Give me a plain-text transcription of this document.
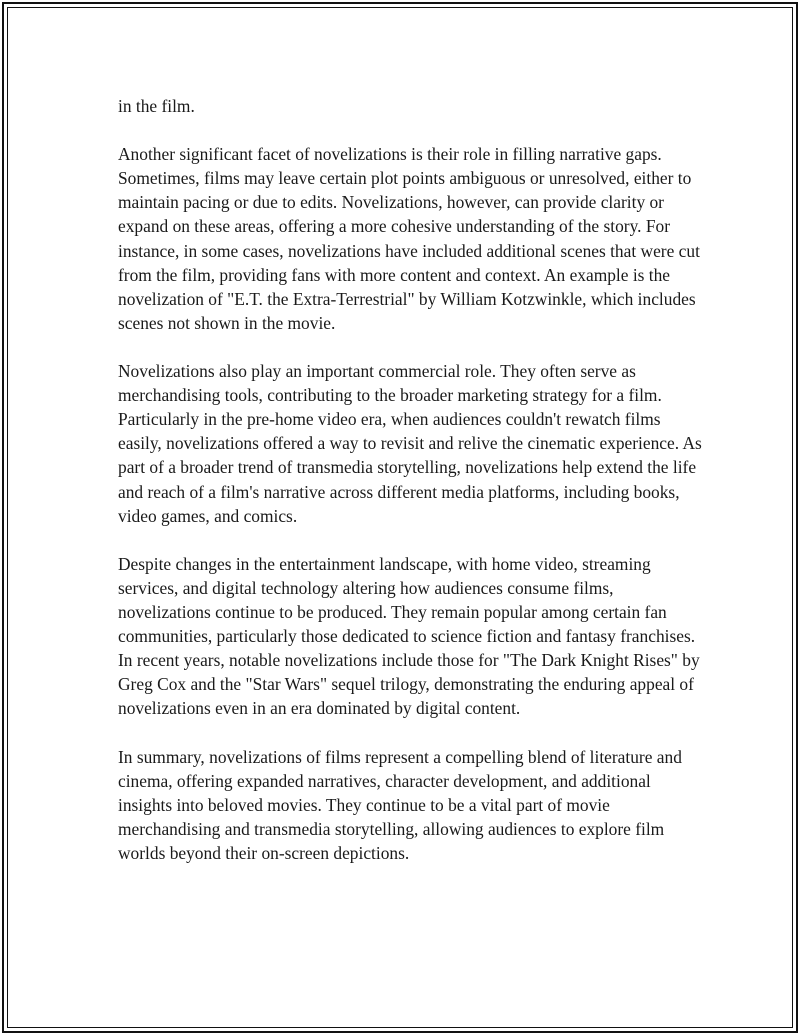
in the film.

Another significant facet of novelizations is their role in filling narrative gaps. Sometimes, films may leave certain plot points ambiguous or unresolved, either to maintain pacing or due to edits. Novelizations, however, can provide clarity or expand on these areas, offering a more cohesive understanding of the story. For instance, in some cases, novelizations have included additional scenes that were cut from the film, providing fans with more content and context. An example is the novelization of "E.T. the Extra-Terrestrial" by William Kotzwinkle, which includes scenes not shown in the movie.

Novelizations also play an important commercial role. They often serve as merchandising tools, contributing to the broader marketing strategy for a film. Particularly in the pre-home video era, when audiences couldn't rewatch films easily, novelizations offered a way to revisit and relive the cinematic experience. As part of a broader trend of transmedia storytelling, novelizations help extend the life and reach of a film's narrative across different media platforms, including books, video games, and comics.

Despite changes in the entertainment landscape, with home video, streaming services, and digital technology altering how audiences consume films, novelizations continue to be produced. They remain popular among certain fan communities, particularly those dedicated to science fiction and fantasy franchises. In recent years, notable novelizations include those for "The Dark Knight Rises" by Greg Cox and the "Star Wars" sequel trilogy, demonstrating the enduring appeal of novelizations even in an era dominated by digital content.

In summary, novelizations of films represent a compelling blend of literature and cinema, offering expanded narratives, character development, and additional insights into beloved movies. They continue to be a vital part of movie merchandising and transmedia storytelling, allowing audiences to explore film worlds beyond their on-screen depictions.
